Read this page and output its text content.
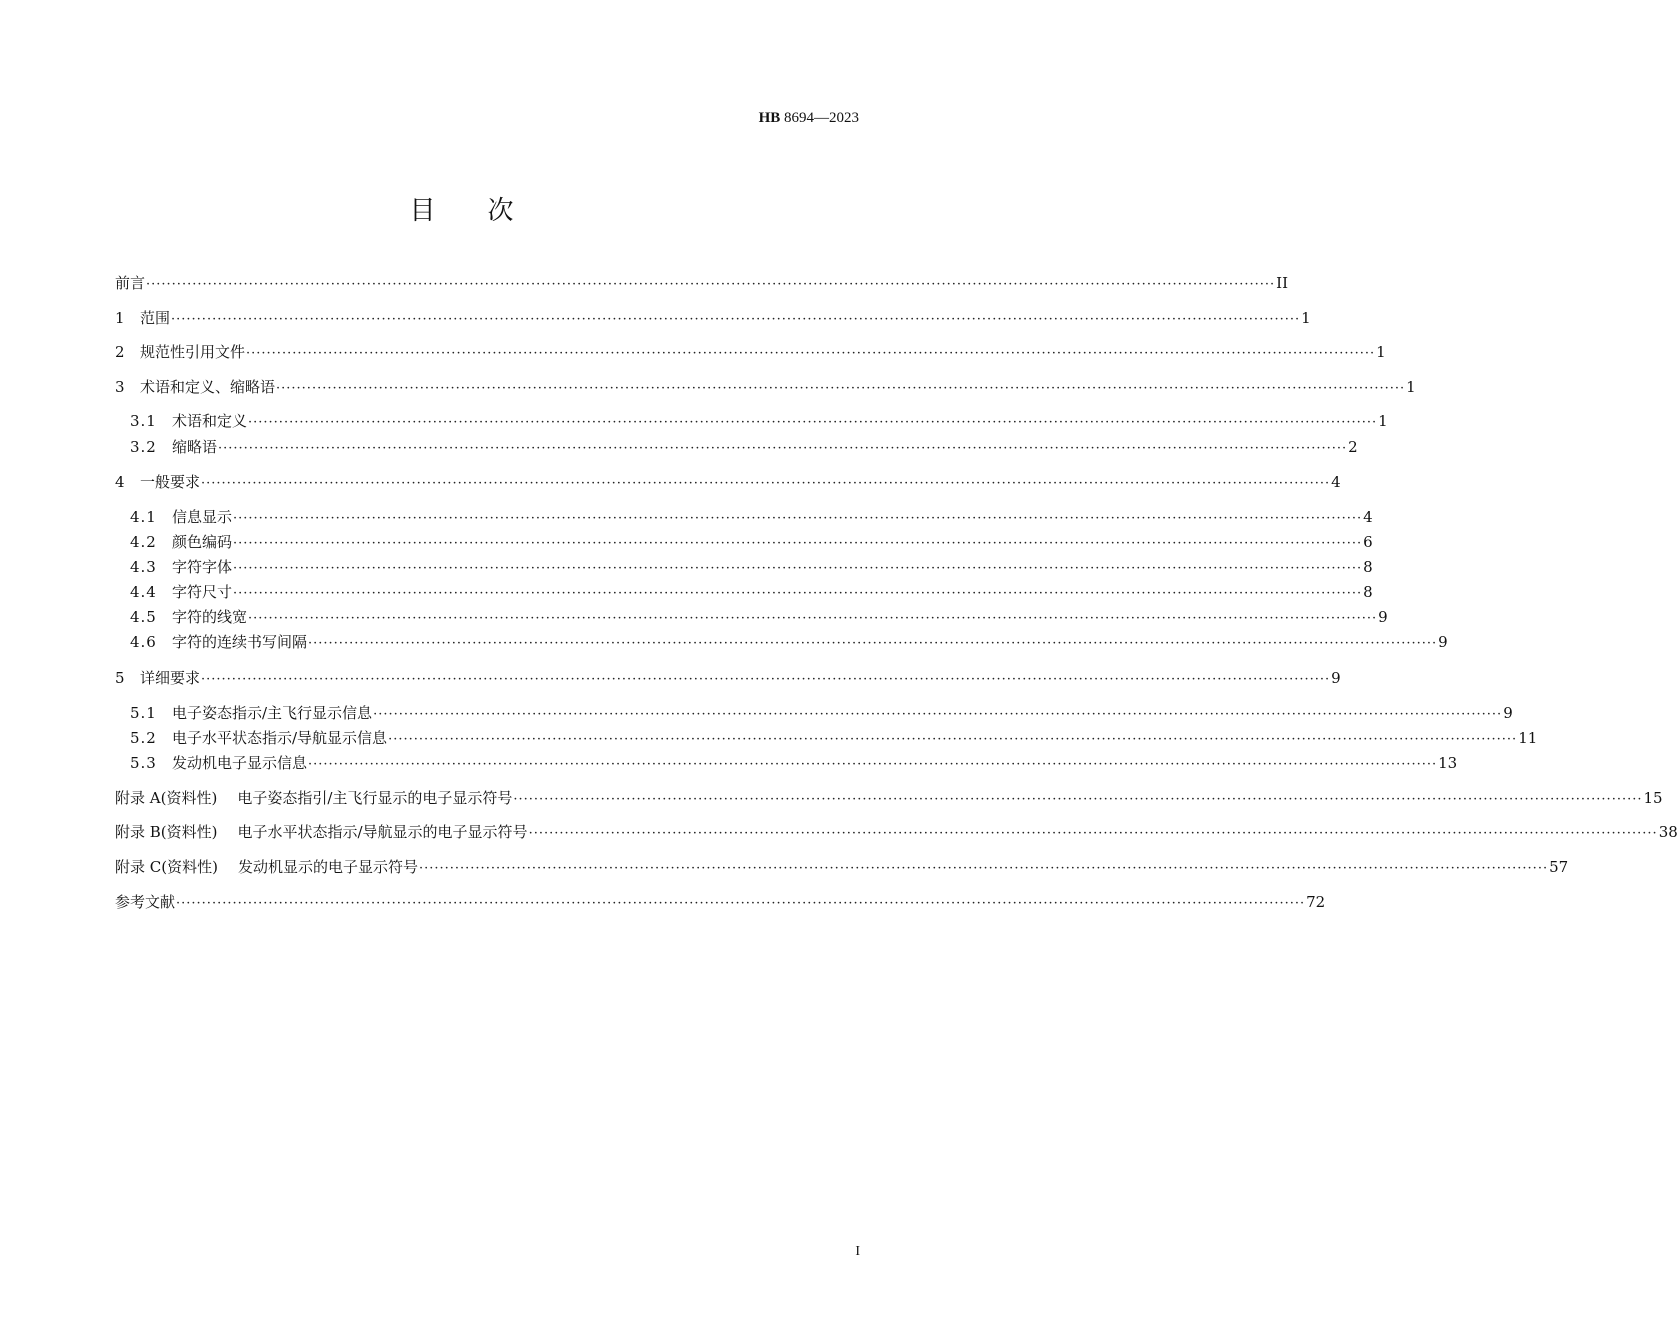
HB 8694—2023
目次
前言 ···························································································································································································································· II
1	范围 ···························································································································································································································· 1
2	规范性引用文件 ···························································································································································································································· 1
3	术语和定义、缩略语 ···························································································································································································································· 1
3.1	术语和定义 ···························································································································································································································· 1
3.2	缩略语 ···························································································································································································································· 2
4	一般要求 ···························································································································································································································· 4
4.1	信息显示 ···························································································································································································································· 4
4.2	颜色编码 ···························································································································································································································· 6
4.3	字符字体 ···························································································································································································································· 8
4.4	字符尺寸 ···························································································································································································································· 8
4.5	字符的线宽 ···························································································································································································································· 9
4.6	字符的连续书写间隔 ···························································································································································································································· 9
5	详细要求 ···························································································································································································································· 9
5.1	电子姿态指示/主飞行显示信息 ···························································································································································································································· 9
5.2	电子水平状态指示/导航显示信息 ···························································································································································································································· 11
5.3	发动机电子显示信息 ···························································································································································································································· 13
附录 A(资料性) 电子姿态指引/主飞行显示的电子显示符号 ···························································································································································································································· 15
附录 B(资料性) 电子水平状态指示/导航显示的电子显示符号 ···························································································································································································································· 38
附录 C(资料性) 发动机显示的电子显示符号 ···························································································································································································································· 57
参考文献 ···························································································································································································································· 72
I
